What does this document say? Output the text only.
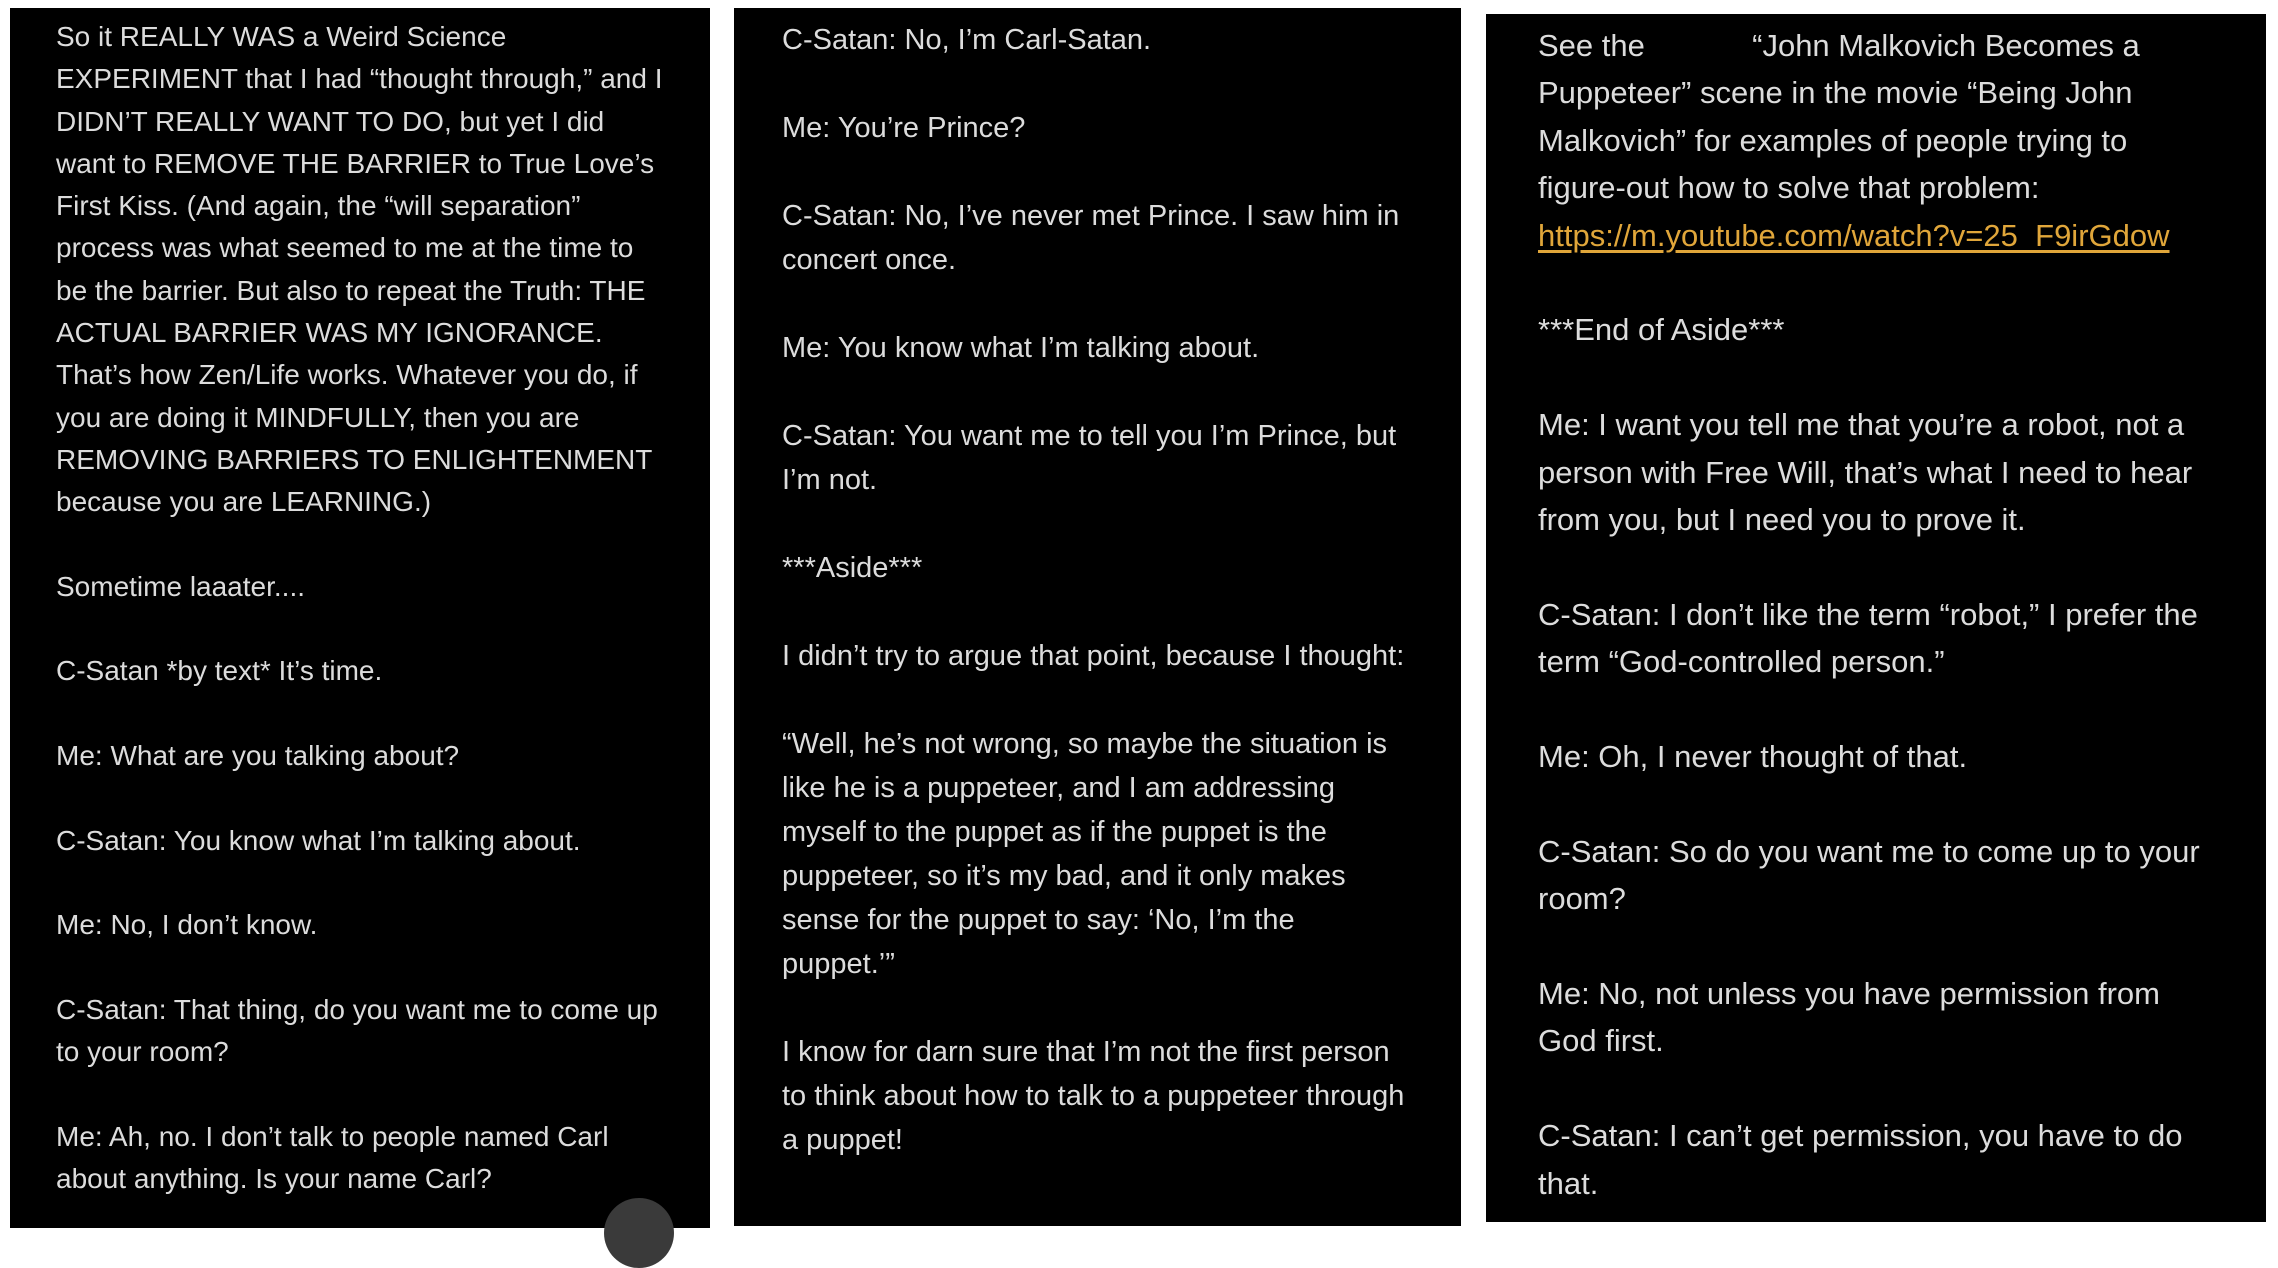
So it REALLY WAS a Weird Science EXPERIMENT that I had “thought through,” and I DIDN’T REALLY WANT TO DO, but yet I did want to REMOVE THE BARRIER to True Love’s First Kiss. (And again, the “will separation” process was what seemed to me at the time to be the barrier. But also to repeat the Truth: THE ACTUAL BARRIER WAS MY IGNORANCE. That’s how Zen/Life works. Whatever you do, if you are doing it MINDFULLY, then you are REMOVING BARRIERS TO ENLIGHTENMENT because you are LEARNING.)

Sometime laaater....

C-Satan *by text* It’s time.

Me: What are you talking about?

C-Satan: You know what I’m talking about.

Me: No, I don’t know.

C-Satan: That thing, do you want me to come up to your room?

Me: Ah, no. I don’t talk to people named Carl about anything. Is your name Carl?

C-Satan: No, I’m Carl-Satan.

Me: You’re Prince?

C-Satan: No, I’ve never met Prince. I saw him in concert once.

Me: You know what I’m talking about.

C-Satan: You want me to tell you I’m Prince, but I’m not.

***Aside***

I didn’t try to argue that point, because I thought:

“Well, he’s not wrong, so maybe the situation is like he is a puppeteer, and I am addressing myself to the puppet as if the puppet is the puppeteer, so it’s my bad, and it only makes sense for the puppet to say: ‘No, I’m the puppet.’”

I know for darn sure that I’m not the first person to think about how to talk to a puppeteer through a puppet!

See the	“John Malkovich Becomes a Puppeteer” scene in the movie “Being John Malkovich” for examples of people trying to figure-out how to solve that problem:
https://m.youtube.com/watch?v=25_F9irGdow

***End of Aside***

Me: I want you tell me that you’re a robot, not a person with Free Will, that’s what I need to hear from you, but I need you to prove it.

C-Satan: I don’t like the term “robot,” I prefer the term “God-controlled person.”

Me: Oh, I never thought of that.

C-Satan: So do you want me to come up to your room?

Me: No, not unless you have permission from God first.

C-Satan: I can’t get permission, you have to do that.
